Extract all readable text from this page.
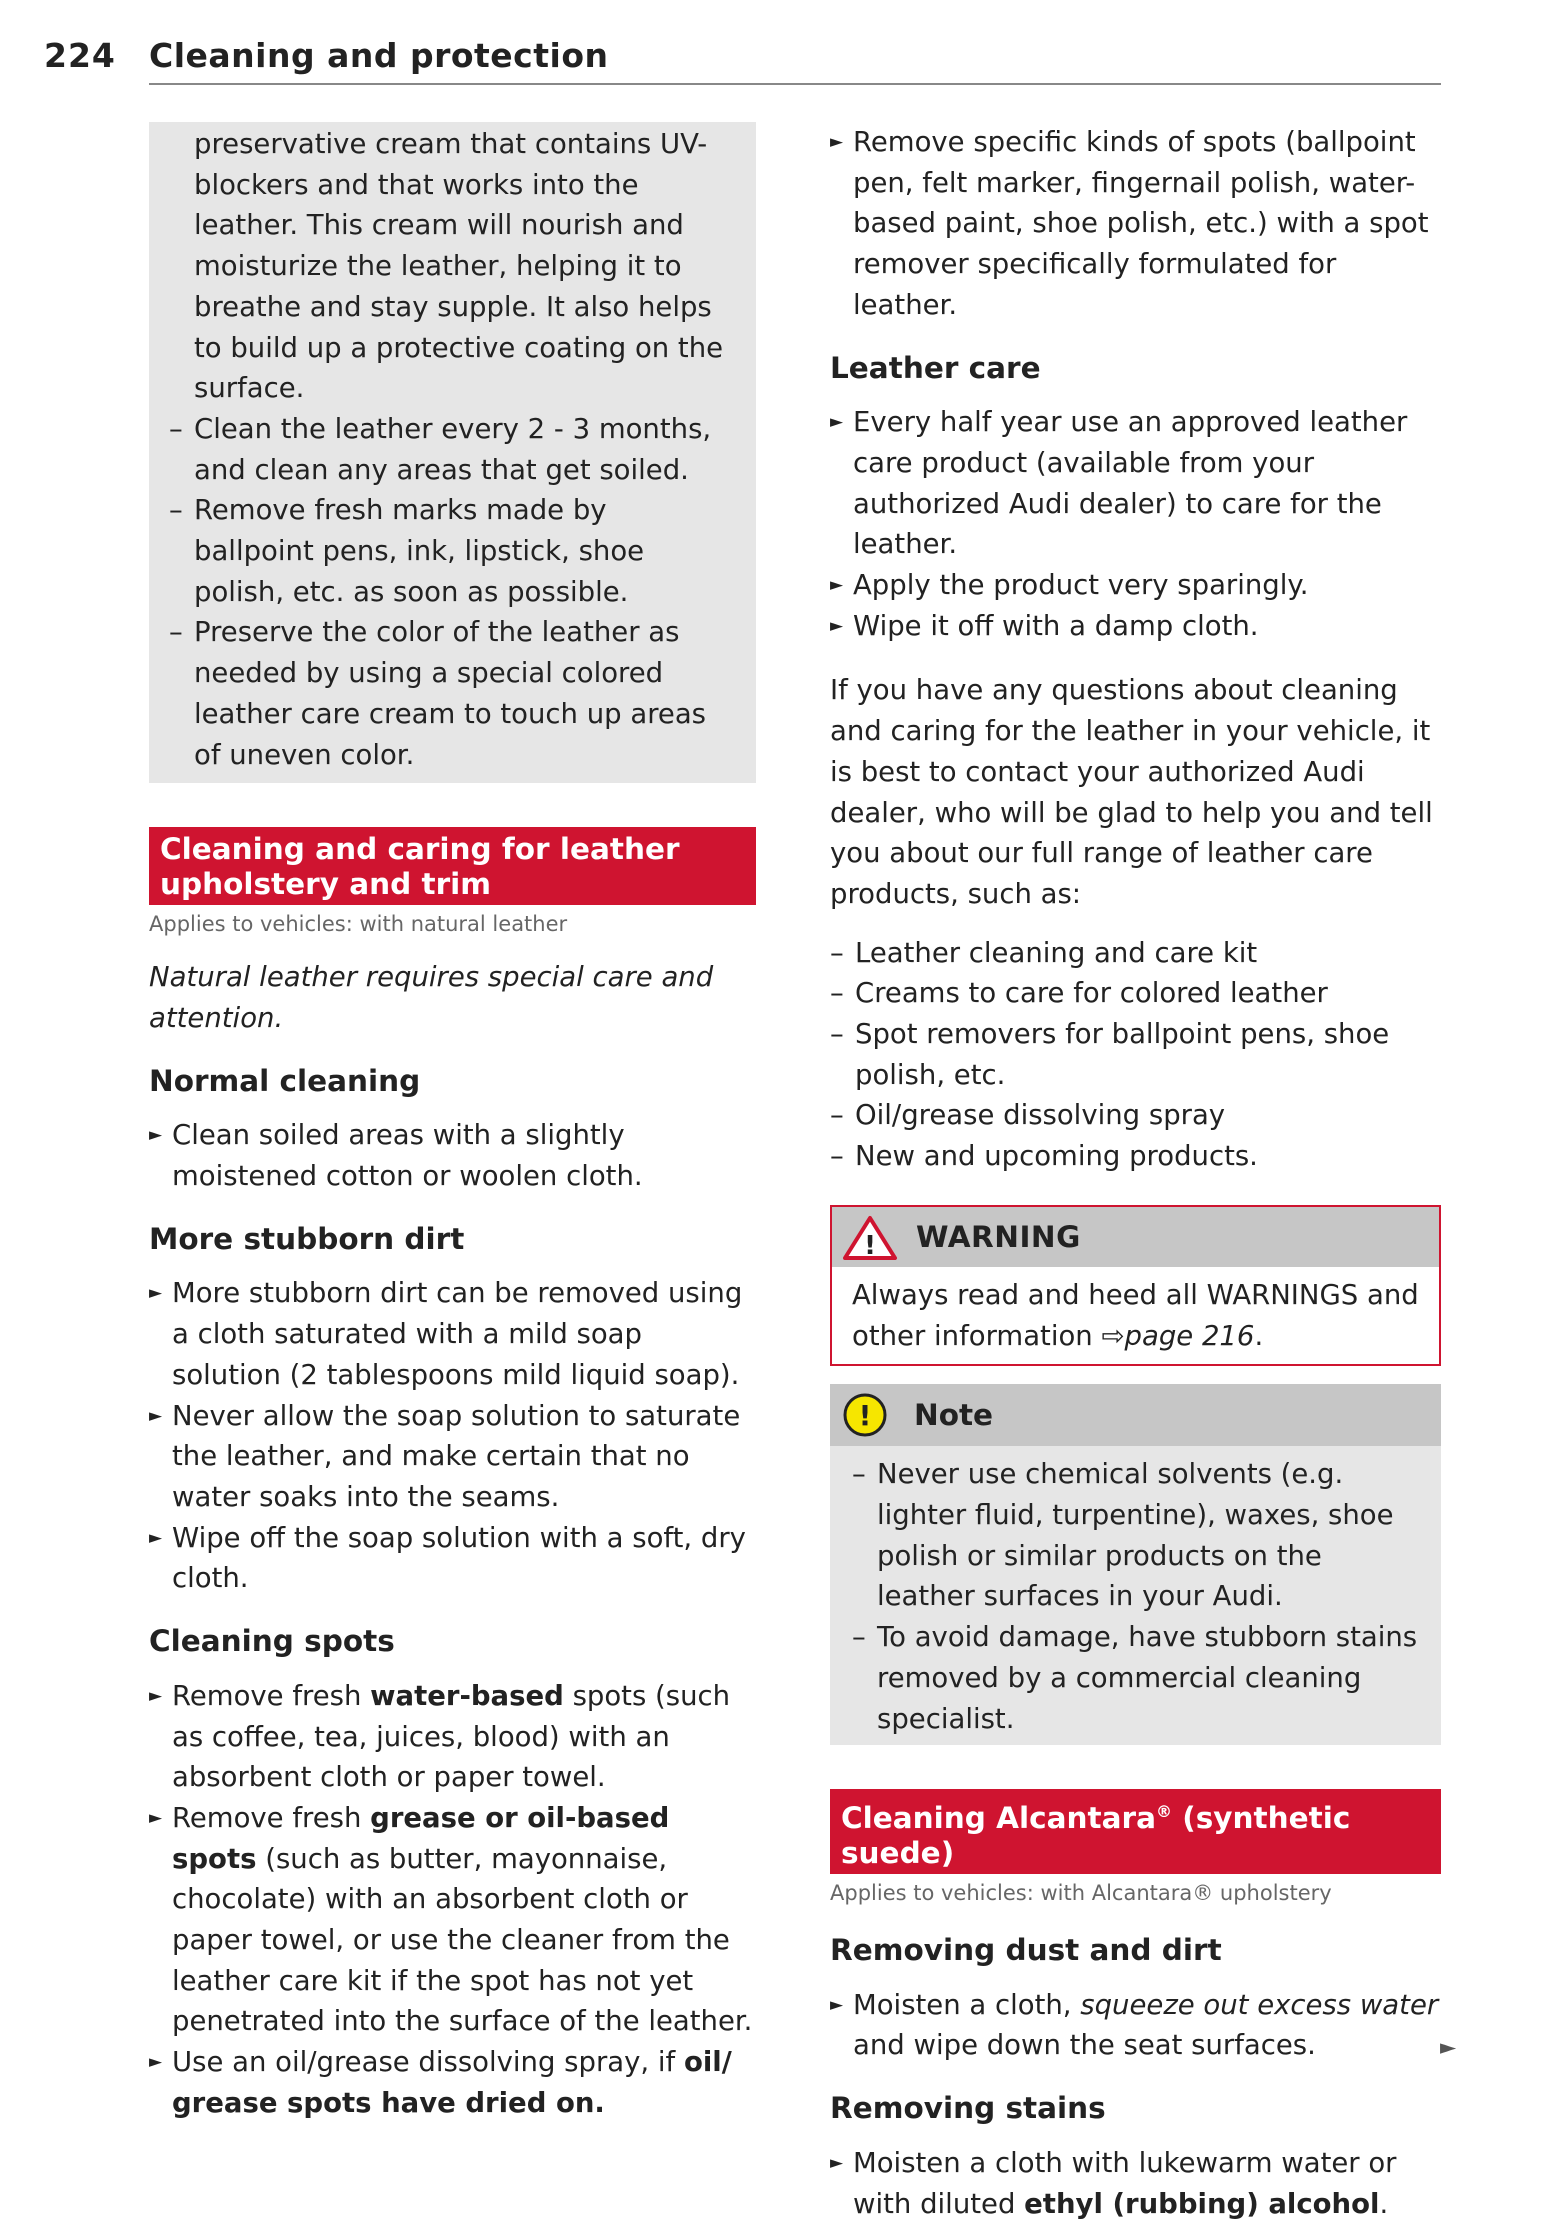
224 Cleaning and protection
preservative cream that contains UV-blockers and that works into the leather. This cream will nourish and moisturize the leather, helping it to breathe and stay supple. It also helps to build up a protective coating on the surface.
– Clean the leather every 2 - 3 months, and clean any areas that get soiled.
– Remove fresh marks made by ballpoint pens, ink, lipstick, shoe polish, etc. as soon as possible.
– Preserve the color of the leather as needed by using a special colored leather care cream to touch up areas of uneven color.
Cleaning and caring for leather upholstery and trim
Applies to vehicles: with natural leather
Natural leather requires special care and attention.
Normal cleaning
► Clean soiled areas with a slightly moistened cotton or woolen cloth.
More stubborn dirt
► More stubborn dirt can be removed using a cloth saturated with a mild soap solution (2 tablespoons mild liquid soap).
► Never allow the soap solution to saturate the leather, and make certain that no water soaks into the seams.
► Wipe off the soap solution with a soft, dry cloth.
Cleaning spots
► Remove fresh water-based spots (such as coffee, tea, juices, blood) with an absorbent cloth or paper towel.
► Remove fresh grease or oil-based spots (such as butter, mayonnaise, chocolate) with an absorbent cloth or paper towel, or use the cleaner from the leather care kit if the spot has not yet penetrated into the surface of the leather.
► Use an oil/grease dissolving spray, if oil/ grease spots have dried on.
► Remove specific kinds of spots (ballpoint pen, felt marker, fingernail polish, water-based paint, shoe polish, etc.) with a spot remover specifically formulated for leather.
Leather care
► Every half year use an approved leather care product (available from your authorized Audi dealer) to care for the leather.
► Apply the product very sparingly.
► Wipe it off with a damp cloth.
If you have any questions about cleaning and caring for the leather in your vehicle, it is best to contact your authorized Audi dealer, who will be glad to help you and tell you about our full range of leather care products, such as:
– Leather cleaning and care kit
– Creams to care for colored leather
– Spot removers for ballpoint pens, shoe polish, etc.
– Oil/grease dissolving spray
– New and upcoming products.
! WARNING
Always read and heed all WARNINGS and other information ⇨page 216.
! Note
– Never use chemical solvents (e.g. lighter fluid, turpentine), waxes, shoe polish or similar products on the leather surfaces in your Audi.
– To avoid damage, have stubborn stains removed by a commercial cleaning specialist.
Cleaning Alcantara® (synthetic suede)
Applies to vehicles: with Alcantara® upholstery
Removing dust and dirt
► Moisten a cloth, squeeze out excess water and wipe down the seat surfaces.
Removing stains
► Moisten a cloth with lukewarm water or with diluted ethyl (rubbing) alcohol.
►
